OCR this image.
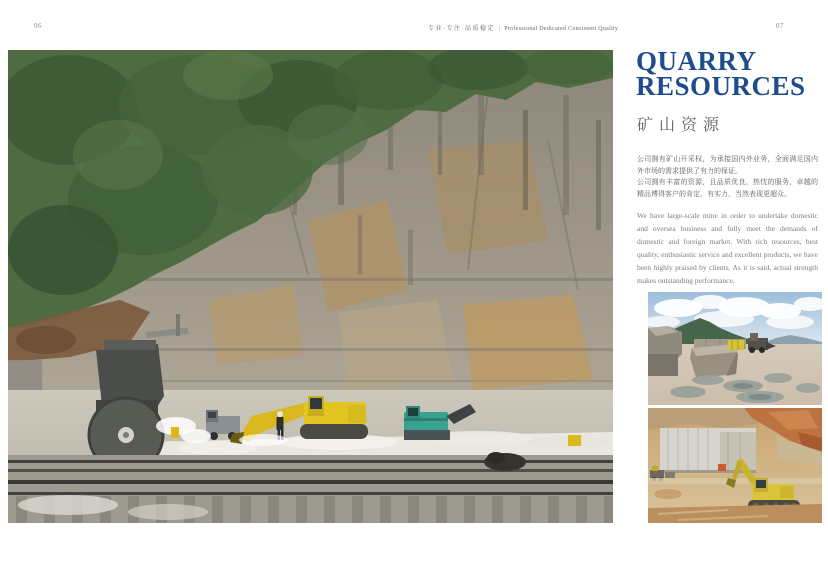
06	专业·专注·品质稳定 | Professional Dedicated Consistent Quality	07
QUARRY
RESOURCES
矿山资源

公司拥有矿山开采权，为承接国内外业务，全面满足国内外市场的需求提供了有力的保证。

公司拥有丰富的资源，且品质优良，热忱的服务，卓越的精品博得客户的肯定，有实力，当然表现更超众。

We have large-scale mine in order to undertake domestic and oversea business and fully meet the demands of domestic and foreign market. With rich resources, best quality, enthusiastic service and excellent products, we have been highly praised by clients. As it is said, actual strength makes outstanding performance.
